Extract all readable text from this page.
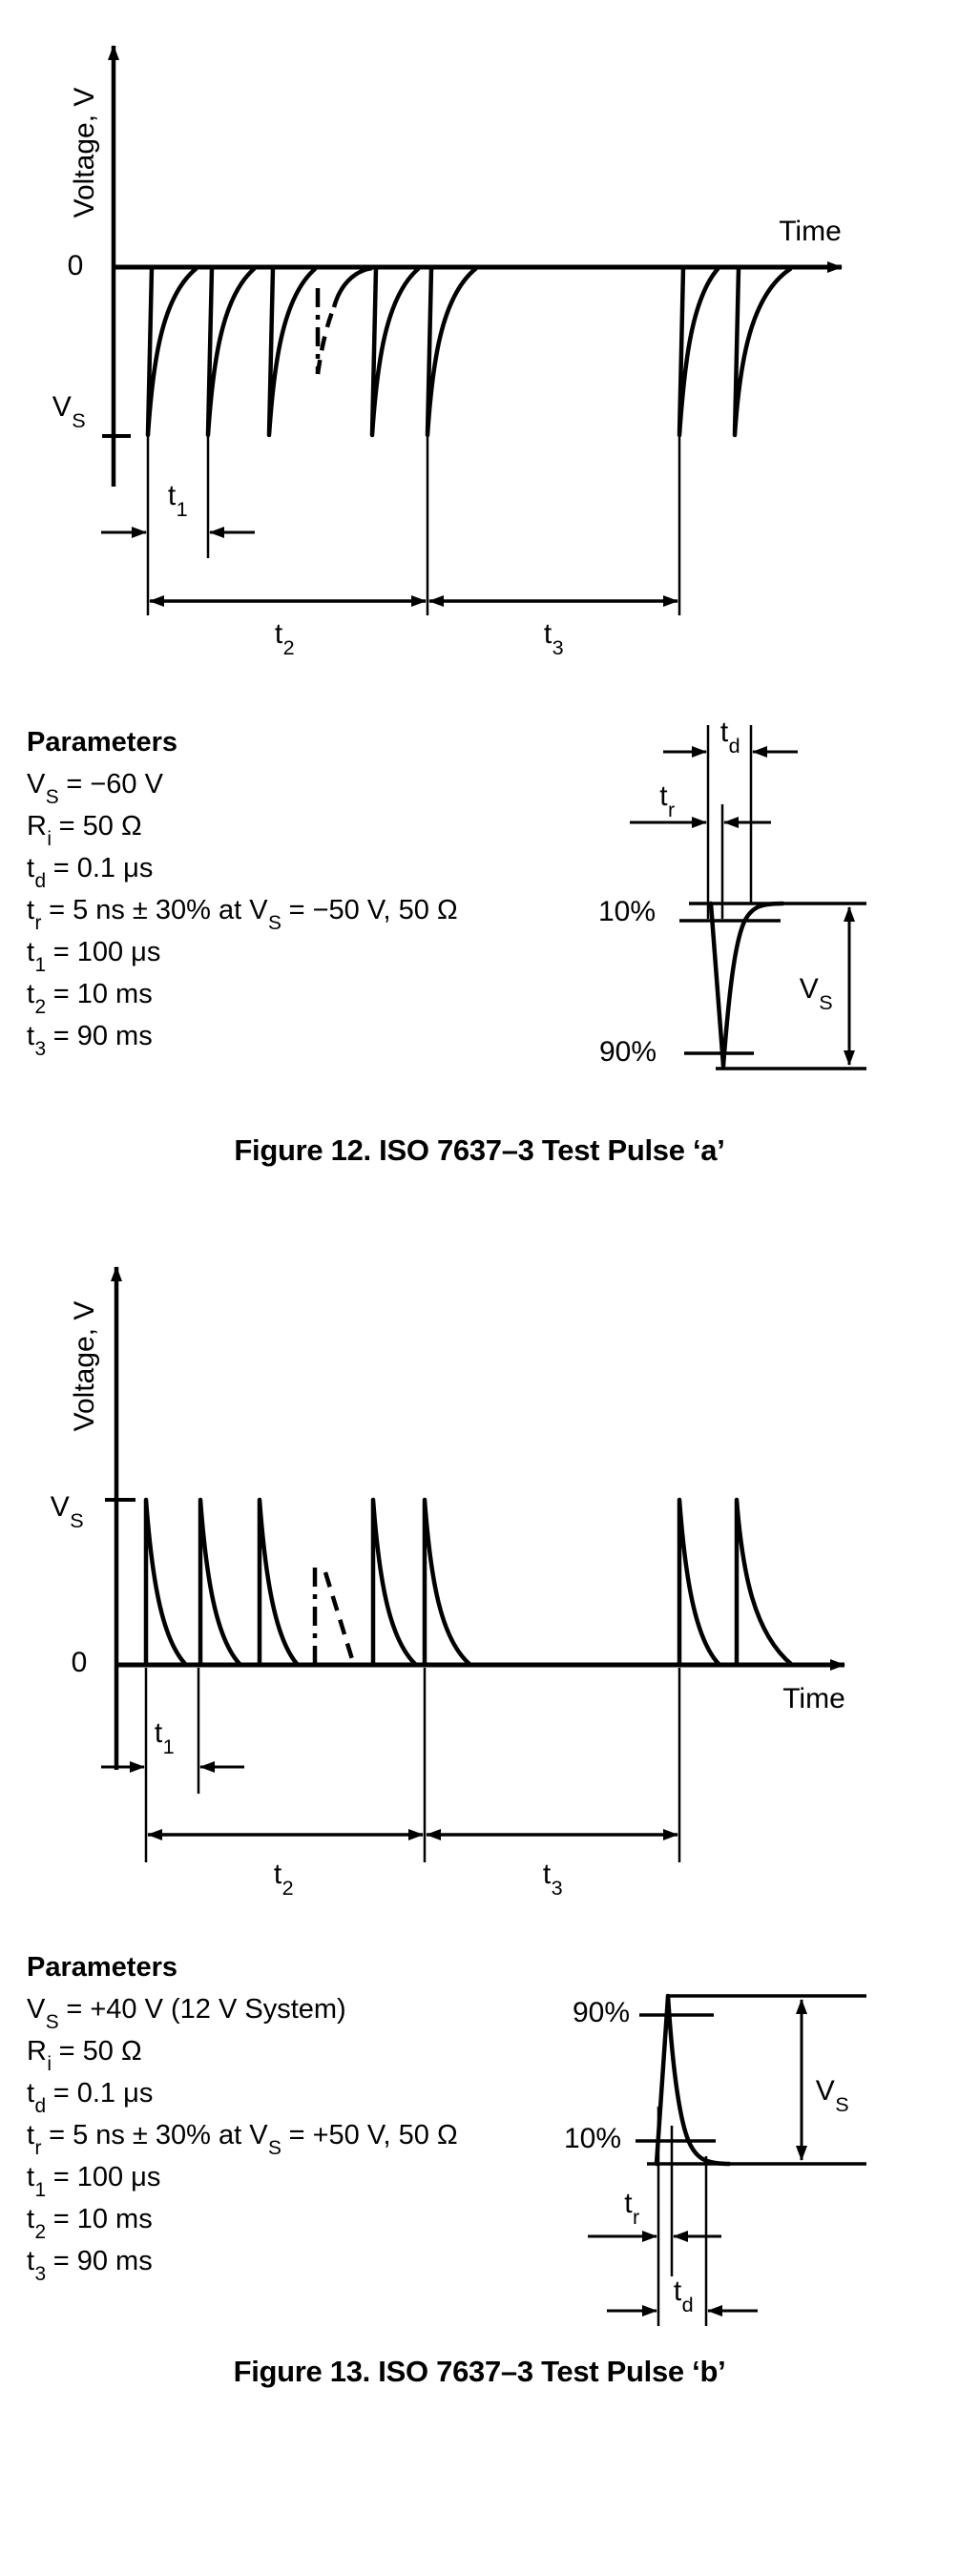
Voltage, V
0
Time
$V_S$
$t_1$
$t_2$	$t_3$
$t_d$
$t_r$
10%
90%
$V_S$
Parameters
$V_S = -60$ V
$R_i = 50$ Ω
$t_d = 0.1$ μs
$t_r = 5$ ns ± 30% at $V_S = -50$ V, 50 Ω
$t_1 = 100$ μs
$t_2 = 10$ ms
$t_3 = 90$ ms
Figure 12. ISO 7637–3 Test Pulse ‘a’
Voltage, V
$V_S$
0
Time
$t_1$
$t_2$	$t_3$
90%
10%
$V_S$
$t_r$
$t_d$
Parameters
$V_S = +40$ V (12 V System)
$R_i = 50$ Ω
$t_d = 0.1$ μs
$t_r = 5$ ns ± 30% at $V_S = +50$ V, 50 Ω
$t_1 = 100$ μs
$t_2 = 10$ ms
$t_3 = 90$ ms
Figure 13. ISO 7637–3 Test Pulse ‘b’
